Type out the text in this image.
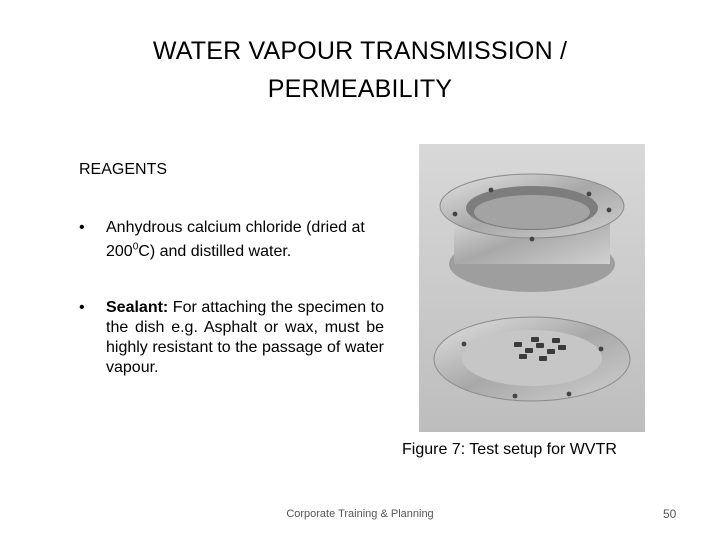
WATER VAPOUR TRANSMISSION /
PERMEABILITY
REAGENTS
• Anhydrous calcium chloride (dried at $200^0C$) and distilled water.
• Sealant: For attaching the specimen to the dish e.g. Asphalt or wax, must be highly resistant to the passage of water vapour.
Figure 7: Test setup for WVTR
Corporate Training & Planning	50
